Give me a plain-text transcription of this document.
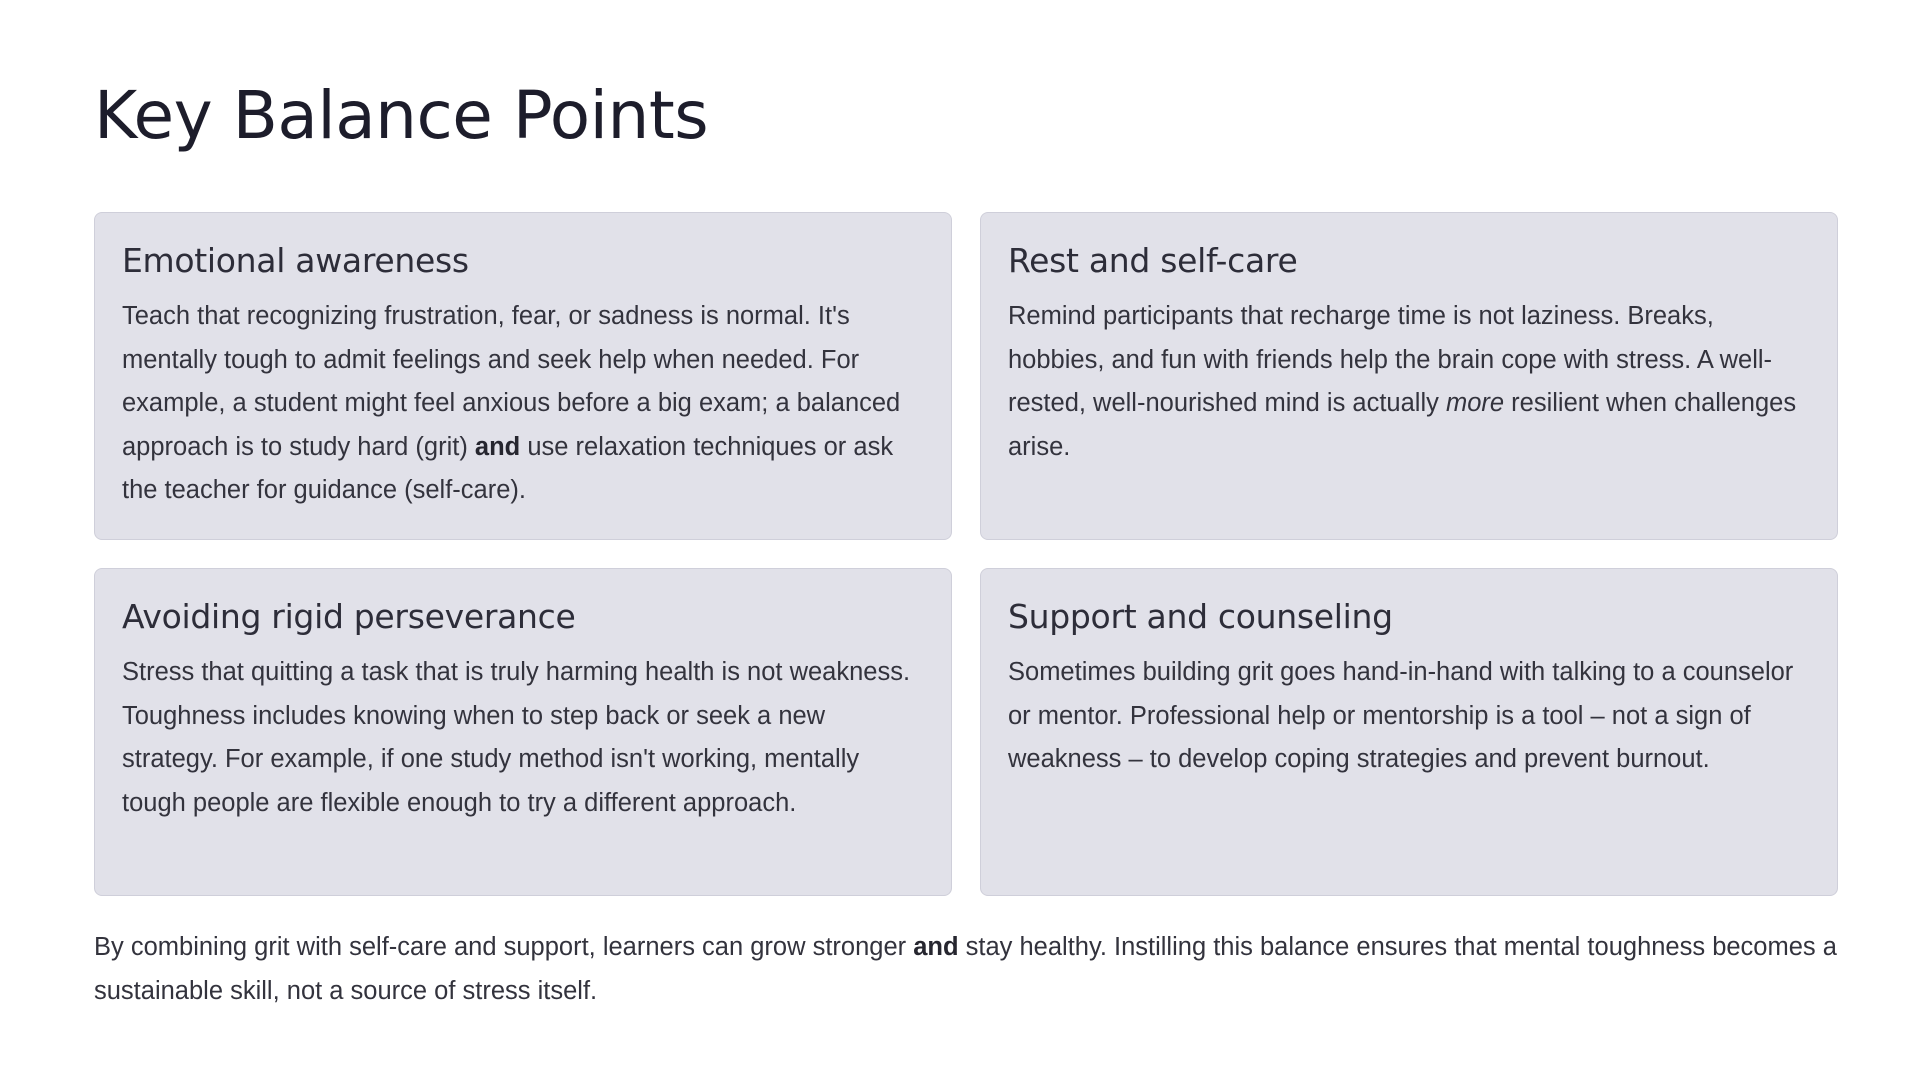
Key Balance Points
Emotional awareness

Teach that recognizing frustration, fear, or sadness is normal. It's mentally tough to admit feelings and seek help when needed. For example, a student might feel anxious before a big exam; a balanced approach is to study hard (grit) and use relaxation techniques or ask the teacher for guidance (self-care).

Rest and self-care

Remind participants that recharge time is not laziness. Breaks, hobbies, and fun with friends help the brain cope with stress. A well-rested, well-nourished mind is actually more resilient when challenges arise.

Avoiding rigid perseverance

Stress that quitting a task that is truly harming health is not weakness. Toughness includes knowing when to step back or seek a new strategy. For example, if one study method isn't working, mentally tough people are flexible enough to try a different approach.

Support and counseling

Sometimes building grit goes hand-in-hand with talking to a counselor or mentor. Professional help or mentorship is a tool – not a sign of weakness – to develop coping strategies and prevent burnout.

By combining grit with self-care and support, learners can grow stronger and stay healthy. Instilling this balance ensures that mental toughness becomes a sustainable skill, not a source of stress itself.
